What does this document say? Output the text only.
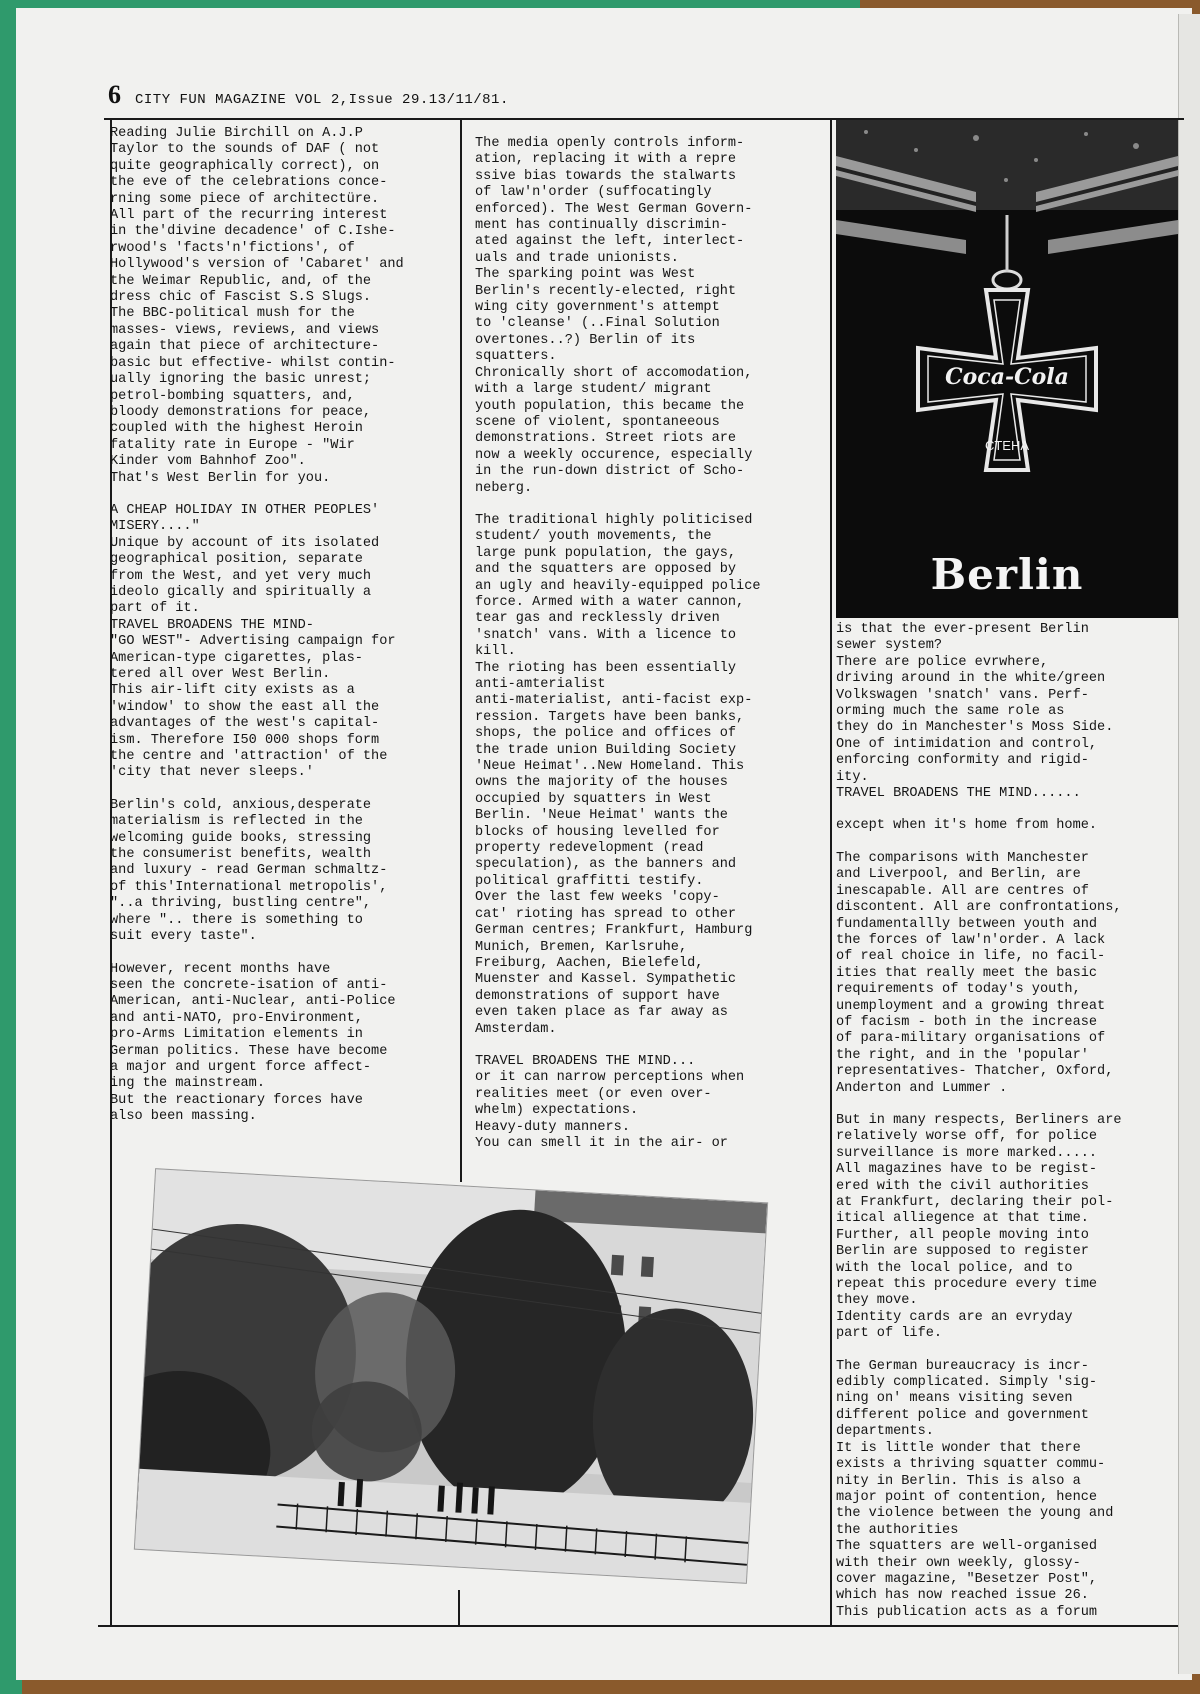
6 CITY FUN MAGAZINE VOL 2,Issue 29.13/11/81.

Reading Julie Birchill on A.J.P
Taylor to the sounds of DAF ( not
quite geographically correct), on
the eve of the celebrations conce-
rning some piece of architectüre.
All part of the recurring interest
in the'divine decadence' of C.Ishe-
rwood's 'facts'n'fictions', of
Hollywood's version of 'Cabaret' and
the Weimar Republic, and, of the
dress chic of Fascist S.S Slugs.
The BBC-political mush for the
masses- views, reviews, and views
again that piece of architecture-
basic but effective- whilst contin-
ually ignoring the basic unrest;
petrol-bombing squatters, and,
bloody demonstrations for peace,
coupled with the highest Heroin
fatality rate in Europe - "Wir
Kinder vom Bahnhof Zoo".
That's West Berlin for you.

A CHEAP HOLIDAY IN OTHER PEOPLES'
MISERY...."
Unique by account of its isolated
geographical position, separate
from the West, and yet very much
ideolo gically and spiritually a
part of it.
TRAVEL BROADENS THE MIND-
"GO WEST"- Advertising campaign for
American-type cigarettes, plas-
tered all over West Berlin.
This air-lift city exists as a
'window' to show the east all the
advantages of the west's capital-
ism. Therefore I50 000 shops form
the centre and 'attraction' of the
'city that never sleeps.'

Berlin's cold, anxious,desperate
materialism is reflected in the
welcoming guide books, stressing
the consumerist benefits, wealth
and luxury - read German schmaltz-
of this'International metropolis',
"..a thriving, bustling centre",
where ".. there is something to
suit every taste".

However, recent months have
seen the concrete-isation of anti-
American, anti-Nuclear, anti-Police
and anti-NATO, pro-Environment,
pro-Arms Limitation elements in
German politics. These have become
a major and urgent force affect-
ing the mainstream.
But the reactionary forces have
also been massing.

The media openly controls inform-
ation, replacing it with a repre
ssive bias towards the stalwarts
of law'n'order (suffocatingly
enforced). The West German Govern-
ment has continually discrimin-
ated against the left, interlect-
uals and trade unionists.
The sparking point was West
Berlin's recently-elected, right
wing city government's attempt
to 'cleanse' (..Final Solution
overtones..?) Berlin of its
squatters.
Chronically short of accomodation,
with a large student/ migrant
youth population, this became the
scene of violent, spontaneeous
demonstrations. Street riots are
now a weekly occurence, especially
in the run-down district of Scho-
neberg.

The traditional highly politicised
student/ youth movements, the
large punk population, the gays,
and the squatters are opposed by
an ugly and heavily-equipped police
force. Armed with a water cannon,
tear gas and recklessly driven
'snatch' vans. With a licence to
kill.
The rioting has been essentially
anti-amterialist
anti-materialist, anti-facist exp-
ression. Targets have been banks,
shops, the police and offices of
the trade union Building Society
'Neue Heimat'..New Homeland. This
owns the majority of the houses
occupied by squatters in West
Berlin. 'Neue Heimat' wants the
blocks of housing levelled for
property redevelopment (read
speculation), as the banners and
political graffitti testify.
Over the last few weeks 'copy-
cat' rioting has spread to other
German centres; Frankfurt, Hamburg
Munich, Bremen, Karlsruhe,
Freiburg, Aachen, Bielefeld,
Muenster and Kassel. Sympathetic
demonstrations of support have
even taken place as far away as
Amsterdam.

TRAVEL BROADENS THE MIND...
or it can narrow perceptions when
realities meet (or even over-
whelm) expectations.
Heavy-duty manners.
You can smell it in the air- or

Coca-Cola
CTEHA
Berlin

is that the ever-present Berlin
sewer system?
There are police evrwhere,
driving around in the white/green
Volkswagen 'snatch' vans. Perf-
orming much the same role as
they do in Manchester's Moss Side.
One of intimidation and control,
enforcing conformity and rigid-
ity.
TRAVEL BROADENS THE MIND......

except when it's home from home.

The comparisons with Manchester
and Liverpool, and Berlin, are
inescapable. All are centres of
discontent. All are confrontations,
fundamentallly between youth and
the forces of law'n'order. A lack
of real choice in life, no facil-
ities that really meet the basic
requirements of today's youth,
unemployment and a growing threat
of facism - both in the increase
of para-military organisations of
the right, and in the 'popular'
representatives- Thatcher, Oxford,
Anderton and Lummer .

But in many respects, Berliners are
relatively worse off, for police
surveillance is more marked.....
All magazines have to be regist-
ered with the civil authorities
at Frankfurt, declaring their pol-
itical alliegence at that time.
Further, all people moving into
Berlin are supposed to register
with the local police, and to
repeat this procedure every time
they move.
Identity cards are an evryday
part of life.

The German bureaucracy is incr-
edibly complicated. Simply 'sig-
ning on' means visiting seven
different police and government
departments.
It is little wonder that there
exists a thriving squatter commu-
nity in Berlin. This is also a
major point of contention, hence
the violence between the young and
the authorities
The squatters are well-organised
with their own weekly, glossy-
cover magazine, "Besetzer Post",
which has now reached issue 26.
This publication acts as a forum
